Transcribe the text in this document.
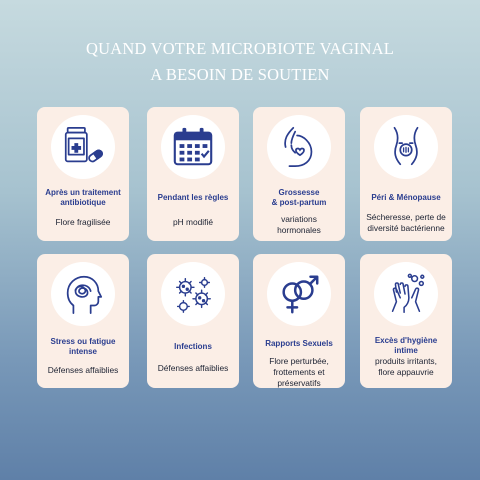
QUAND VOTRE MICROBIOTE VAGINAL
A BESOIN DE SOUTIEN
Après un traitement
antibiotique
Flore fragilisée
Pendant les règles
pH modifié
Grossesse
& post-partum
variations
hormonales
Péri & Ménopause
Sécheresse, perte de
diversité bactérienne
Stress ou fatigue
intense
Défenses affaiblies
Infections
Défenses affaiblies
Rapports Sexuels
Flore perturbée,
frottements et
préservatifs
Excès d'hygiène
intime
produits irritants,
flore appauvrie
